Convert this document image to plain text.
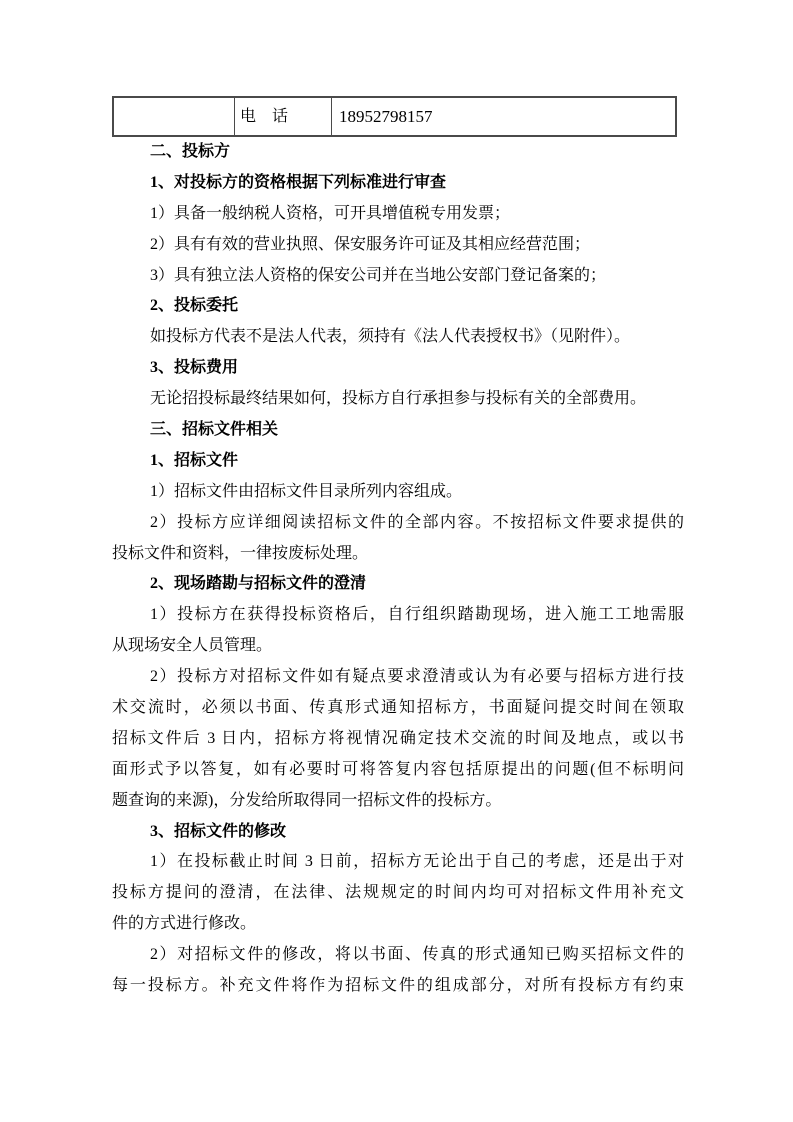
电　话	18952798157
二、投标方
1、对投标方的资格根据下列标准进行审查
1）具备一般纳税人资格，可开具增值税专用发票；
2）具有有效的营业执照、保安服务许可证及其相应经营范围；
3）具有独立法人资格的保安公司并在当地公安部门登记备案的；
2、投标委托
如投标方代表不是法人代表，须持有《法人代表授权书》（见附件）。
3、投标费用
无论招投标最终结果如何，投标方自行承担参与投标有关的全部费用。
三、招标文件相关
1、招标文件
1）招标文件由招标文件目录所列内容组成。
2）投标方应详细阅读招标文件的全部内容。不按招标文件要求提供的
投标文件和资料，一律按废标处理。
2、现场踏勘与招标文件的澄清
1）投标方在获得投标资格后，自行组织踏勘现场，进入施工工地需服
从现场安全人员管理。
2）投标方对招标文件如有疑点要求澄清或认为有必要与招标方进行技
术交流时，必须以书面、传真形式通知招标方，书面疑问提交时间在领取
招标文件后 3 日内，招标方将视情况确定技术交流的时间及地点，或以书
面形式予以答复，如有必要时可将答复内容包括原提出的问题(但不标明问
题查询的来源)，分发给所取得同一招标文件的投标方。
3、招标文件的修改
1）在投标截止时间 3 日前，招标方无论出于自己的考虑，还是出于对
投标方提问的澄清，在法律、法规规定的时间内均可对招标文件用补充文
件的方式进行修改。
2）对招标文件的修改，将以书面、传真的形式通知已购买招标文件的
每一投标方。补充文件将作为招标文件的组成部分，对所有投标方有约束
